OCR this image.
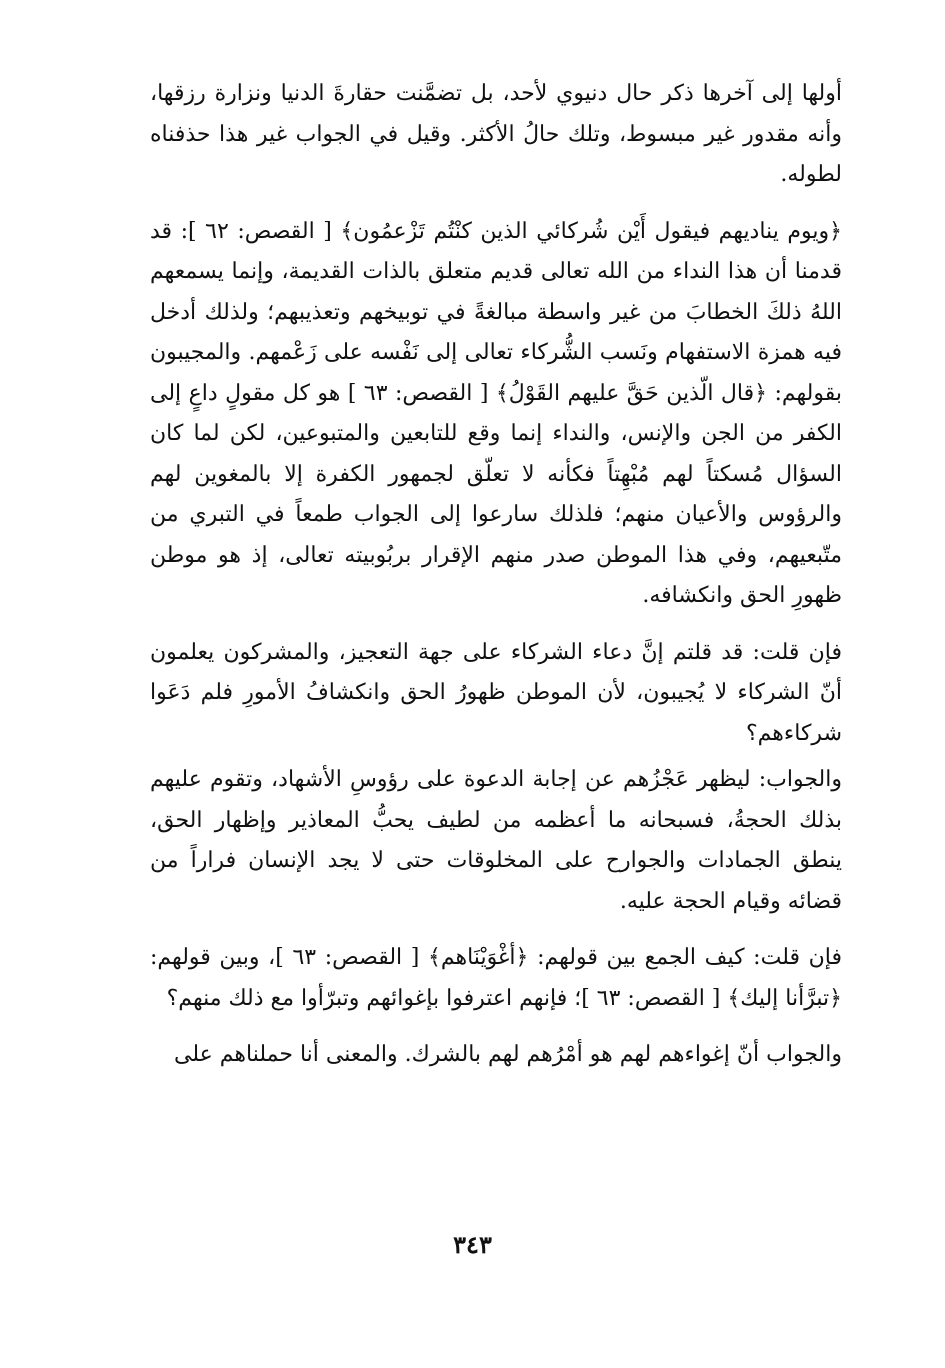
أولها إلى آخرها ذكر حال دنيوي لأحد، بل تضمَّنت حقارةَ الدنيا ونزارة رزقها، وأنه مقدور غير مبسوط، وتلك حالُ الأكثر. وقيل في الجواب غير هذا حذفناه لطوله.

﴿ويوم يناديهم فيقول أَيْن شُركائي الذين كنْتُم تَزْعمُون﴾ [ القصص: ٦٢ ]: قد قدمنا أن هذا النداء من الله تعالى قديم متعلق بالذات القديمة، وإنما يسمعهم اللهُ ذلكَ الخطابَ من غير واسطة مبالغةً في توبيخهم وتعذيبهم؛ ولذلك أدخل فيه همزة الاستفهام ونَسب الشُّركاء تعالى إلى نَفْسه على زَعْمهم. والمجيبون بقولهم: ﴿قال الّذين حَقَّ عليهم القَوْلُ﴾ [ القصص: ٦٣ ] هو كل مقولٍ داعٍ إلى الكفر من الجن والإنس، والنداء إنما وقع للتابعين والمتبوعين، لكن لما كان السؤال مُسكتاً لهم مُبْهِتاً فكأنه لا تعلّق لجمهور الكفرة إلا بالمغوين لهم والرؤوس والأعيان منهم؛ فلذلك سارعوا إلى الجواب طمعاً في التبري من متّبعيهم، وفي هذا الموطن صدر منهم الإقرار بربُوبيته تعالى، إذ هو موطن ظهورِ الحق وانكشافه.

فإن قلت: قد قلتم إنَّ دعاء الشركاء على جهة التعجيز، والمشركون يعلمون أنّ الشركاء لا يُجيبون، لأن الموطن ظهورُ الحق وانكشافُ الأمورِ فلم دَعَوا شركاءهم؟

والجواب: ليظهر عَجْزُهم عن إجابة الدعوة على رؤوسِ الأشهاد، وتقوم عليهم بذلك الحجةُ، فسبحانه ما أعظمه من لطيف يحبُّ المعاذير وإظهار الحق، ينطق الجمادات والجوارح على المخلوقات حتى لا يجد الإنسان فراراً من قضائه وقيام الحجة عليه.

فإن قلت: كيف الجمع بين قولهم: ﴿أغْوَيْنَاهم﴾ [ القصص: ٦٣ ]، وبين قولهم: ﴿تبرَّأنا إليك﴾ [ القصص: ٦٣ ]؛ فإنهم اعترفوا بإغوائهم وتبرّأوا مع ذلك منهم؟

والجواب أنّ إغواءهم لهم هو أمْرُهم لهم بالشرك. والمعنى أنا حملناهم على

٣٤٣
